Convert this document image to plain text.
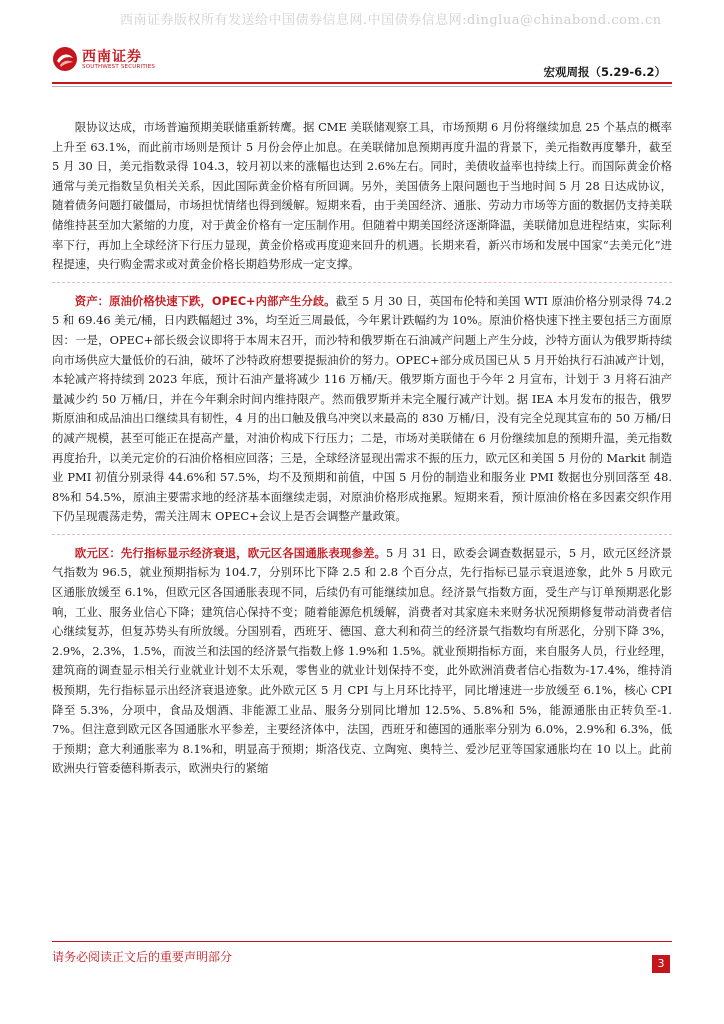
西南证券版权所有发送给中国债券信息网.中国债券信息网:dinglua@chinabond.com.cn
西南证券
SOUTHWEST SECURITIES	宏观周报（5.29-6.2）

限协议达成，市场普遍预期美联储重新转鹰。据 CME 美联储观察工具，市场预期 6 月份将继续加息 25 个基点的概率上升至 63.1%，而此前市场则是预计 5 月份会停止加息。在美联储加息预期再度升温的背景下，美元指数再度攀升，截至 5 月 30 日，美元指数录得 104.3，较月初以来的涨幅也达到 2.6%左右。同时，美债收益率也持续上行。而国际黄金价格通常与美元指数呈负相关关系，因此国际黄金价格有所回调。另外，美国债务上限问题也于当地时间 5 月 28 日达成协议，随着债务问题打破僵局，市场担忧情绪也得到缓解。短期来看，由于美国经济、通胀、劳动力市场等方面的数据仍支持美联储维持甚至加大紧缩的力度，对于黄金价格有一定压制作用。但随着中期美国经济逐渐降温，美联储加息进程结束，实际利率下行，再加上全球经济下行压力显现，黄金价格或再度迎来回升的机遇。长期来看，新兴市场和发展中国家“去美元化”进程提速，央行购金需求或对黄金价格长期趋势形成一定支撑。

资产：原油价格快速下跌，OPEC+内部产生分歧。截至 5 月 30 日，英国布伦特和美国 WTI 原油价格分别录得 74.25 和 69.46 美元/桶，日内跌幅超过 3%，均至近三周最低，今年累计跌幅约为 10%。原油价格快速下挫主要包括三方面原因：一是，OPEC+部长级会议即将于本周末召开，而沙特和俄罗斯在石油减产问题上产生分歧，沙特方面认为俄罗斯持续向市场供应大量低价的石油，破坏了沙特政府想要提振油价的努力。OPEC+部分成员国已从 5 月开始执行石油减产计划，本轮减产将持续到 2023 年底，预计石油产量将减少 116 万桶/天。俄罗斯方面也于今年 2 月宣布，计划于 3 月将石油产量减少约 50 万桶/日，并在今年剩余时间内维持限产。然而俄罗斯并未完全履行减产计划。据 IEA 本月发布的报告，俄罗斯原油和成品油出口继续具有韧性，4 月的出口触及俄乌冲突以来最高的 830 万桶/日，没有完全兑现其宣布的 50 万桶/日的减产规模，甚至可能正在提高产量，对油价构成下行压力；二是，市场对美联储在 6 月份继续加息的预期升温，美元指数再度抬升，以美元定价的石油价格相应回落；三是，全球经济显现出需求不振的压力，欧元区和美国 5 月份的 Markit 制造业 PMI 初值分别录得 44.6%和 57.5%，均不及预期和前值，中国 5 月份的制造业和服务业 PMI 数据也分别回落至 48.8%和 54.5%，原油主要需求地的经济基本面继续走弱，对原油价格形成拖累。短期来看，预计原油价格在多因素交织作用下仍呈现震荡走势，需关注周末 OPEC+会议上是否会调整产量政策。

欧元区：先行指标显示经济衰退，欧元区各国通胀表现参差。5 月 31 日，欧委会调查数据显示，5 月，欧元区经济景气指数为 96.5，就业预期指标为 104.7，分别环比下降 2.5 和 2.8 个百分点，先行指标已显示衰退迹象，此外 5 月欧元区通胀放缓至 6.1%，但欧元区各国通胀表现不同，后续仍有可能继续加息。经济景气指数方面，受生产与订单预期恶化影响，工业、服务业信心下降；建筑信心保持不变；随着能源危机缓解，消费者对其家庭未来财务状况预期修复带动消费者信心继续复苏，但复苏势头有所放缓。分国别看，西班牙、德国、意大利和荷兰的经济景气指数均有所恶化，分别下降 3%，2.9%，2.3%，1.5%，而波兰和法国的经济景气指数上修 1.9%和 1.5%。就业预期指标方面，来自服务人员，行业经理，建筑商的调查显示相关行业就业计划不太乐观，零售业的就业计划保持不变，此外欧洲消费者信心指数为-17.4%，维持消极预期，先行指标显示出经济衰退迹象。此外欧元区 5 月 CPI 与上月环比持平，同比增速进一步放缓至 6.1%，核心 CPI 降至 5.3%，分项中，食品及烟酒、非能源工业品、服务分别同比增加 12.5%、5.8%和 5%，能源通胀由正转负至-1.7%。但注意到欧元区各国通胀水平参差，主要经济体中，法国，西班牙和德国的通胀率分别为 6.0%，2.9%和 6.3%，低于预期；意大利通胀率为 8.1%和，明显高于预期；斯洛伐克、立陶宛、奥特兰、爱沙尼亚等国家通胀均在 10 以上。此前欧洲央行管委德科斯表示，欧洲央行的紧缩

请务必阅读正文后的重要声明部分	3
